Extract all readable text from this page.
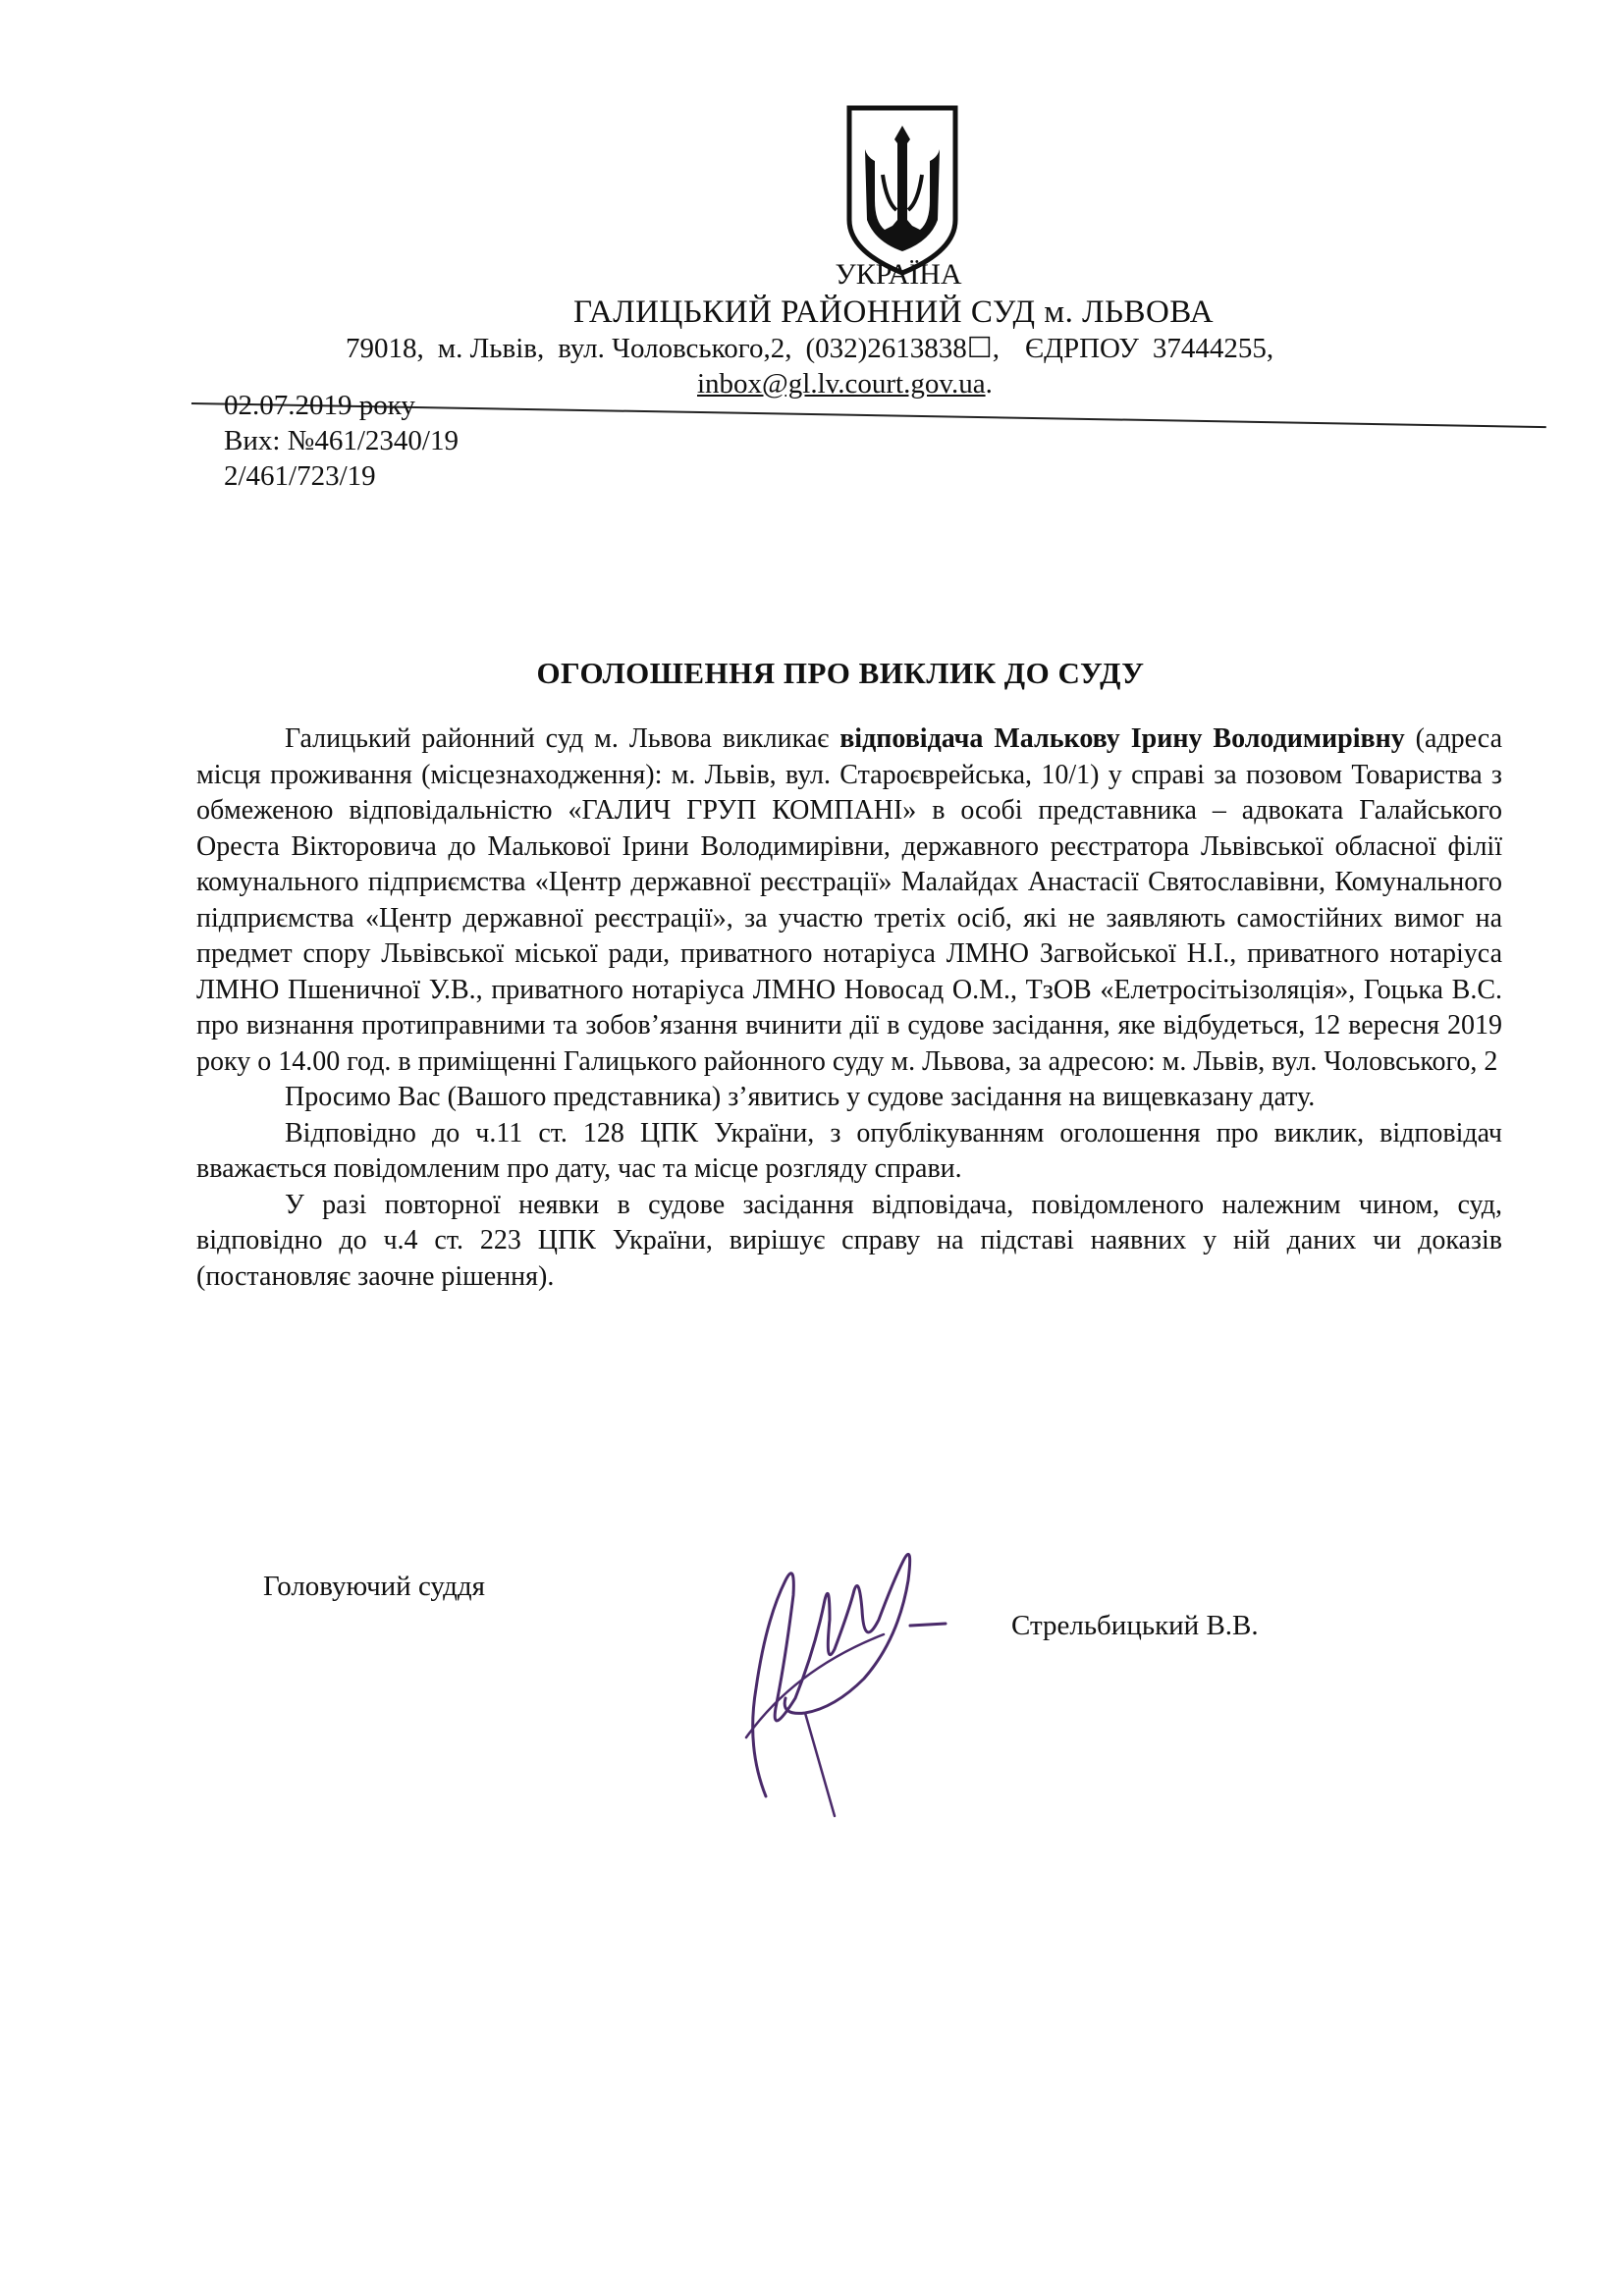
УКРАЇНА
ГАЛИЦЬКИЙ РАЙОННИЙ СУД м. ЛЬВОВА
79018, м. Львів, вул. Чоловського,2, (032)2613838☐, ЄДРПОУ 37444255,
inbox@gl.lv.court.gov.ua.
02.07.2019 року
Вих: №461/2340/19
2/461/723/19
ОГОЛОШЕННЯ ПРО ВИКЛИК ДО СУДУ

Галицький районний суд м. Львова викликає відповідача Малькову Ірину Володимирівну (адреса місця проживання (місцезнаходження): м. Львів, вул. Староєврейська, 10/1) у справі за позовом Товариства з обмеженою відповідальністю «ГАЛИЧ ГРУП КОМПАНІ» в особі представника – адвоката Галайського Ореста Вікторовича до Малькової Ірини Володимирівни, державного реєстратора Львівської обласної філії комунального підприємства «Центр державної реєстрації» Малайдах Анастасії Святославівни, Комунального підприємства «Центр державної реєстрації», за участю третіх осіб, які не заявляють самостійних вимог на предмет спору Львівської міської ради, приватного нотаріуса ЛМНО Загвойської Н.І., приватного нотаріуса ЛМНО Пшеничної У.В., приватного нотаріуса ЛМНО Новосад О.М., ТзОВ «Елетросітьізоляція», Гоцька В.С. про визнання протиправними та зобов’язання вчинити дії в судове засідання, яке відбудеться, 12 вересня 2019 року о 14.00 год. в приміщенні Галицького районного суду м. Львова, за адресою: м. Львів, вул. Чоловського, 2

Просимо Вас (Вашого представника) з’явитись у судове засідання на вищевказану дату.

Відповідно до ч.11 ст. 128 ЦПК України, з опублікуванням оголошення про виклик, відповідач вважається повідомленим про дату, час та місце розгляду справи.

У разі повторної неявки в судове засідання відповідача, повідомленого належним чином, суд, відповідно до ч.4 ст. 223 ЦПК України, вирішує справу на підставі наявних у ній даних чи доказів (постановляє заочне рішення).

Головуючий суддя
Стрельбицький В.В.
